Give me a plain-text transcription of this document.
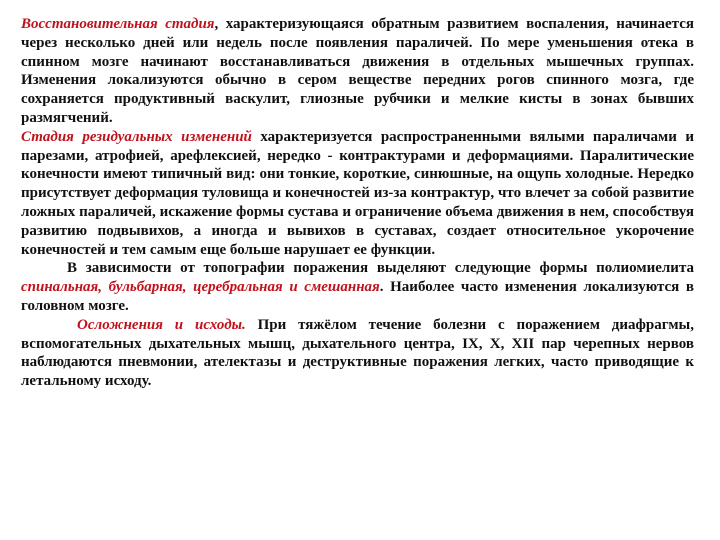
Восстановительная стадия, характеризующаяся обратным развитием воспаления, начинается через несколько дней или недель после появления параличей. По мере уменьшения отека в спинном мозге начинают восстанавливаться движения в отдельных мышечных группах. Изменения локализуются обычно в сером веществе передних рогов спинного мозга, где сохраняется продуктивный васкулит, глиозные рубчики и мелкие кисты в зонах бывших размягчений.

Стадия резидуальных изменений характеризуется распространенными вялыми параличами и парезами, атрофией, арефлексией, нередко - контрактурами и деформациями. Паралитические конечности имеют типичный вид: они тонкие, короткие, синюшные, на ощупь холодные. Нередко присутствует деформация туловища и конечностей из-за контрактур, что влечет за собой развитие ложных параличей, искажение формы сустава и ограничение объема движения в нем, способствуя развитию подвывихов, а иногда и вывихов в суставах, создает относительное укорочение конечностей и тем самым еще больше нарушает ее функции.

В зависимости от топографии поражения выделяют следующие формы полиомиелита спинальная, бульбарная, церебральная и смешанная. Наиболее часто изменения локализуются в головном мозге.

Осложнения и исходы. При тяжёлом течение болезни с поражением диафрагмы, вспомогательных дыхательных мышц, дыхательного центра, IX, X, XII пар черепных нервов наблюдаются пневмонии, ателектазы и деструктивные поражения легких, часто приводящие к летальному исходу.
